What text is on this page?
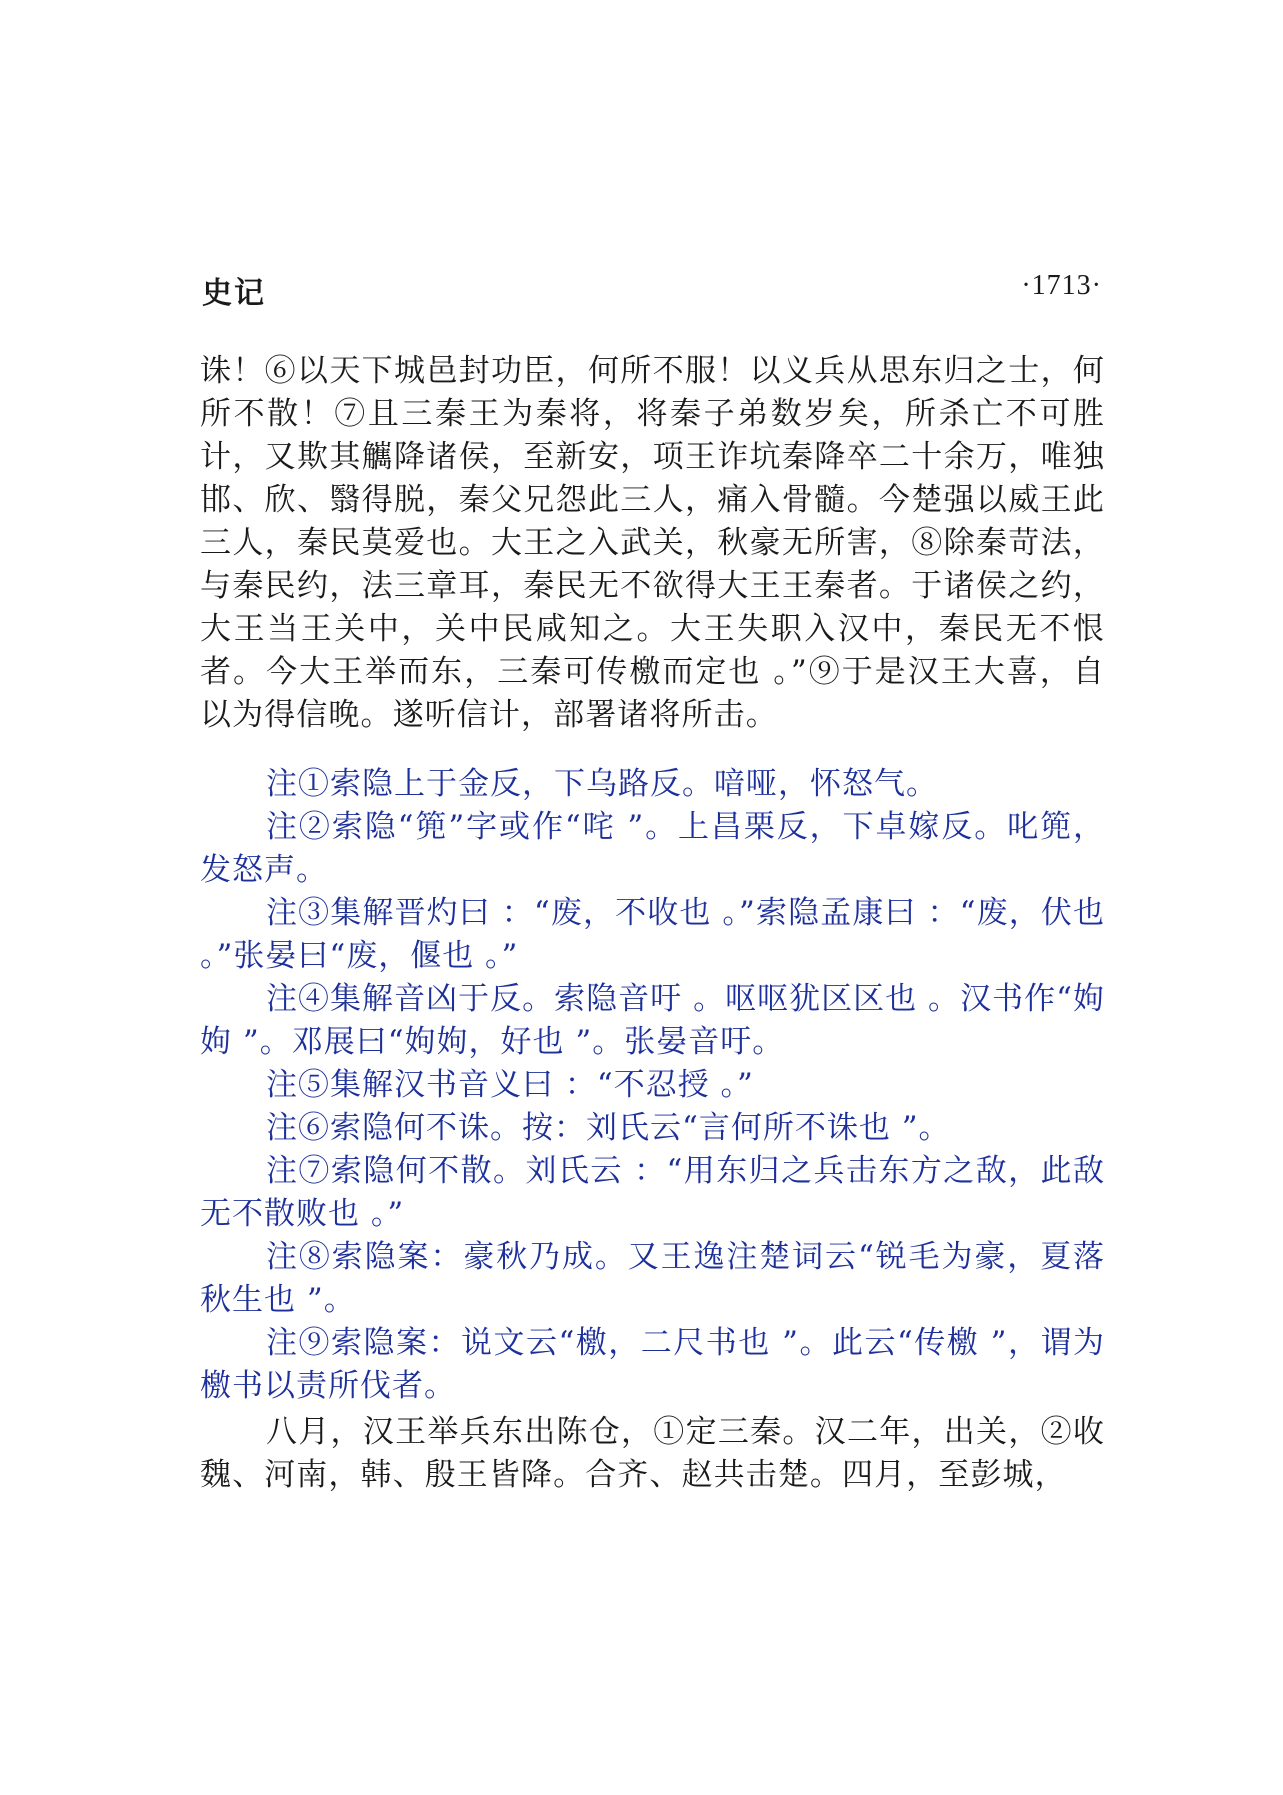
史记	·1713·

诛！⑥以天下城邑封功臣，何所不服！以义兵从思东归之士，何所不散！⑦且三秦王为秦将，将秦子弟数岁矣，所杀亡不可胜计，又欺其觽降诸侯，至新安，项王诈坑秦降卒二十余万，唯独邯、欣、翳得脱，秦父兄怨此三人，痛入骨髓。今楚强以威王此三人，秦民莫爱也。大王之入武关，秋豪无所害，⑧除秦苛法，与秦民约，法三章耳，秦民无不欲得大王王秦者。于诸侯之约，大王当王关中，关中民咸知之。大王失职入汉中，秦民无不恨者。今大王举而东，三秦可传檄而定也 。”⑨于是汉王大喜，自以为得信晚。遂听信计，部署诸将所击。

注①索隐上于金反，下乌路反。喑哑，怀怒气。

注②索隐“篼”字或作“咤 ”。上昌栗反，下卓嫁反。叱篼，发怒声。

注③集解晋灼曰 ：“废，不收也 。”索隐孟康曰 ：“废，伏也 。”张晏曰“废，偃也 。”

注④集解音凶于反。索隐音吁 。呕呕犹区区也 。汉书作“姁姁 ”。邓展曰“姁姁，好也 ”。张晏音吁。

注⑤集解汉书音义曰 ：“不忍授 。”

注⑥索隐何不诛。按：刘氏云“言何所不诛也 ”。

注⑦索隐何不散。刘氏云 ：“用东归之兵击东方之敌，此敌无不散败也 。”

注⑧索隐案：豪秋乃成。又王逸注楚词云“锐毛为豪，夏落秋生也 ”。

注⑨索隐案：说文云“檄，二尺书也 ”。此云“传檄 ”，谓为檄书以责所伐者。

八月，汉王举兵东出陈仓，①定三秦。汉二年，出关，②收魏、河南，韩、殷王皆降。合齐、赵共击楚。四月，至彭城，
